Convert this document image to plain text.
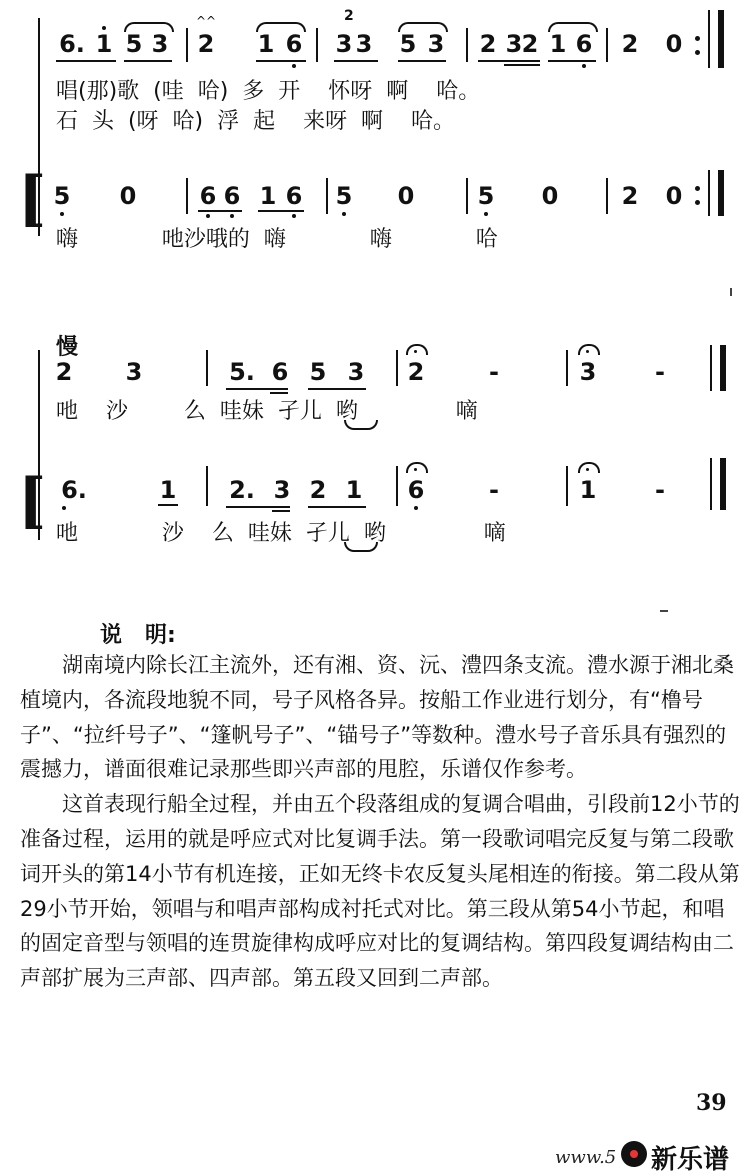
[
6. 1 5 3 2
^^
1 6 3
2
3 5 3 2 3 2 1 6 2 0
唱(那)歌  (哇  哈)  多  开    怀呀  啊    哈。
石  头  (呀  哈)  浮  起    来呀  啊    哈。
5 0	6 6 1 6 5 0	5 0	2 0
嗨            吔沙哦的  嗨            嗨            哈
慢
[
2 3	5. 6 5 3 2	-	3 -
吔    沙        么  哇妹  孑儿  哟              嘀
6.	1 2. 3 2 1 6	-	1 -
吔            沙    么  哇妹  孑儿  哟              嘀
说   明:

湖南境内除长江主流外，还有湘、资、沅、澧四条支流。澧水源于湘北桑植境内，各流段地貌不同，号子风格各异。按船工作业进行划分，有“橹号子”、“拉纤号子”、“篷帆号子”、“锚号子”等数种。澧水号子音乐具有强烈的震撼力，谱面很难记录那些即兴声部的甩腔，乐谱仅作参考。

这首表现行船全过程，并由五个段落组成的复调合唱曲，引段前12小节的准备过程，运用的就是呼应式对比复调手法。第一段歌词唱完反复与第二段歌词开头的第14小节有机连接，正如无终卡农反复头尾相连的衔接。第二段从第29小节开始，领唱与和唱声部构成衬托式对比。第三段从第54小节起，和唱的固定音型与领唱的连贯旋律构成呼应对比的复调结构。第四段复调结构由二声部扩展为三声部、四声部。第五段又回到二声部。

39
www.5 新乐谱
